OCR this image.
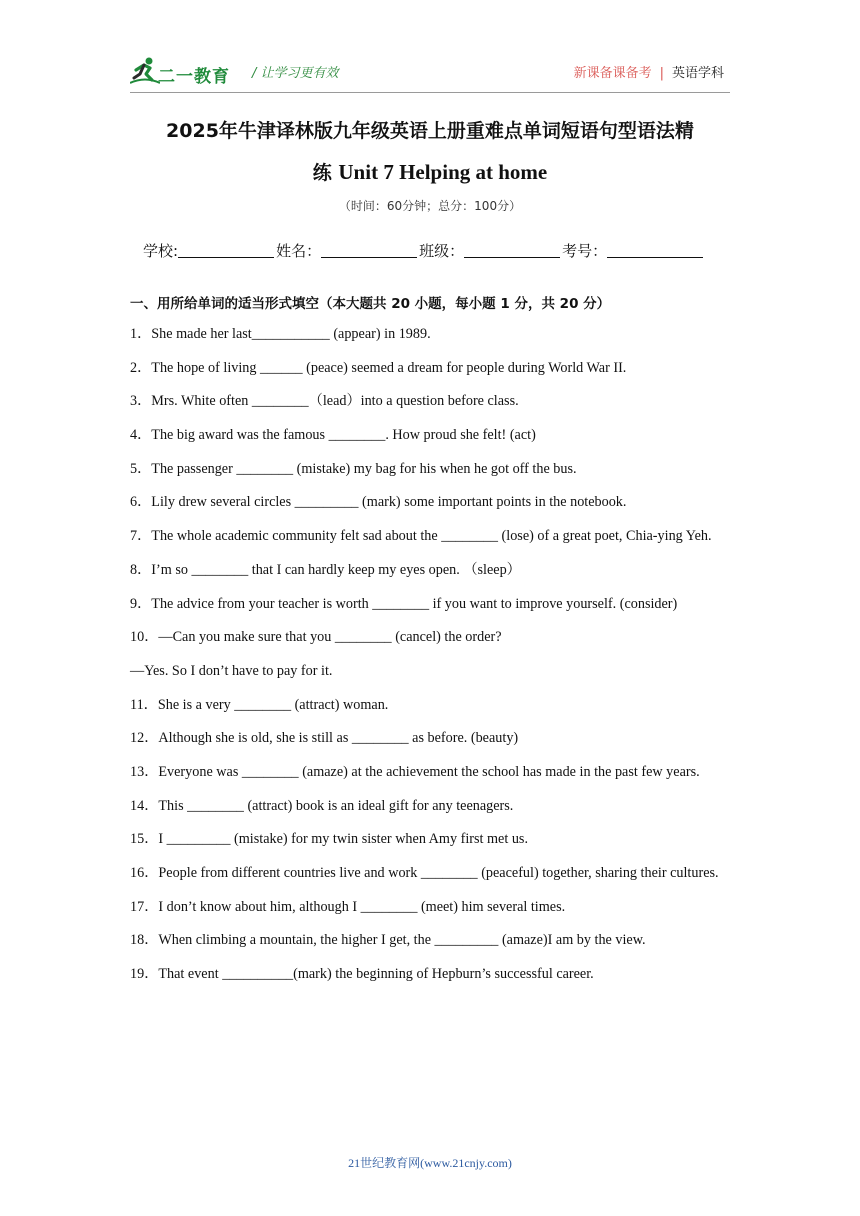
二一教育 / 让学习更有效	新课备课备考 | 英语学科
2025年牛津译林版九年级英语上册重难点单词短语句型语法精
练 Unit 7 Helping at home
（时间：60分钟；总分：100分）
学校:	姓名：	班级：	考号：
一、用所给单词的适当形式填空（本大题共 20 小题，每小题 1 分，共 20 分）
1．She made her last___________ (appear) in 1989.
2．The hope of living ______ (peace) seemed a dream for people during World War II.
3．Mrs. White often ________（lead）into a question before class.
4．The big award was the famous ________. How proud she felt! (act)
5．The passenger ________ (mistake) my bag for his when he got off the bus.
6．Lily drew several circles _________ (mark) some important points in the notebook.
7．The whole academic community felt sad about the ________ (lose) of a great poet, Chia-ying Yeh.
8．I’m so ________ that I can hardly keep my eyes open. （sleep）
9．The advice from your teacher is worth ________ if you want to improve yourself. (consider)
10．—Can you make sure that you ________ (cancel) the order?
—Yes. So I don’t have to pay for it.
11．She is a very ________ (attract) woman.
12．Although she is old, she is still as ________ as before. (beauty)
13．Everyone was ________ (amaze) at the achievement the school has made in the past few years.
14．This ________ (attract) book is an ideal gift for any teenagers.
15．I _________ (mistake) for my twin sister when Amy first met us.
16．People from different countries live and work ________ (peaceful) together, sharing their cultures.
17．I don’t know about him, although I ________ (meet) him several times.
18．When climbing a mountain, the higher I get, the _________ (amaze)I am by the view.
19．That event __________(mark) the beginning of Hepburn’s successful career.
21世纪教育网(www.21cnjy.com)
